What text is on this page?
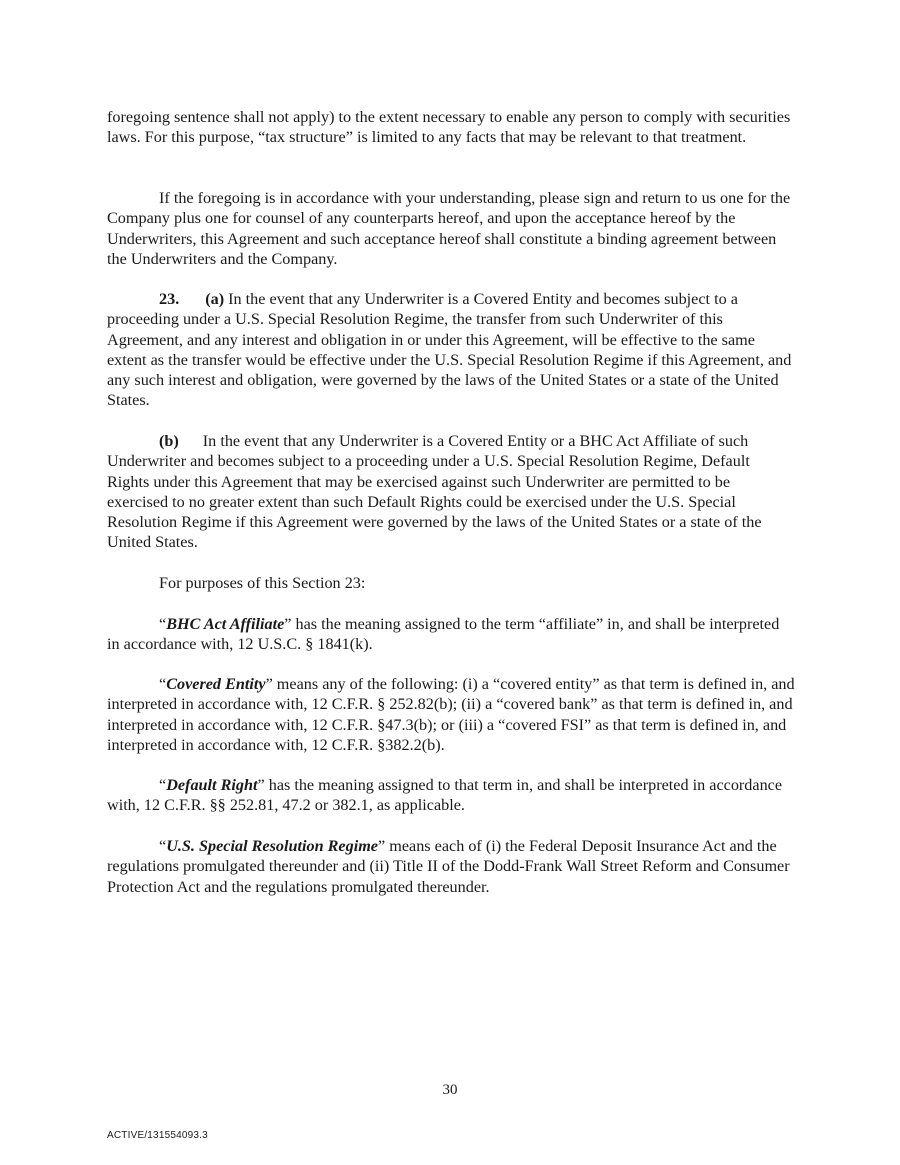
foregoing sentence shall not apply) to the extent necessary to enable any person to comply with securities laws. For this purpose, “tax structure” is limited to any facts that may be relevant to that treatment.

If the foregoing is in accordance with your understanding, please sign and return to us one for the Company plus one for counsel of any counterparts hereof, and upon the acceptance hereof by the Underwriters, this Agreement and such acceptance hereof shall constitute a binding agreement between the Underwriters and the Company.

23. (a) In the event that any Underwriter is a Covered Entity and becomes subject to a proceeding under a U.S. Special Resolution Regime, the transfer from such Underwriter of this Agreement, and any interest and obligation in or under this Agreement, will be effective to the same extent as the transfer would be effective under the U.S. Special Resolution Regime if this Agreement, and any such interest and obligation, were governed by the laws of the United States or a state of the United States.

(b) In the event that any Underwriter is a Covered Entity or a BHC Act Affiliate of such Underwriter and becomes subject to a proceeding under a U.S. Special Resolution Regime, Default Rights under this Agreement that may be exercised against such Underwriter are permitted to be exercised to no greater extent than such Default Rights could be exercised under the U.S. Special Resolution Regime if this Agreement were governed by the laws of the United States or a state of the United States.

For purposes of this Section 23:

“BHC Act Affiliate” has the meaning assigned to the term “affiliate” in, and shall be interpreted in accordance with, 12 U.S.C. § 1841(k).

“Covered Entity” means any of the following: (i) a “covered entity” as that term is defined in, and interpreted in accordance with, 12 C.F.R. § 252.82(b); (ii) a “covered bank” as that term is defined in, and interpreted in accordance with, 12 C.F.R. §47.3(b); or (iii) a “covered FSI” as that term is defined in, and interpreted in accordance with, 12 C.F.R. §382.2(b).

“Default Right” has the meaning assigned to that term in, and shall be interpreted in accordance with, 12 C.F.R. §§ 252.81, 47.2 or 382.1, as applicable.

“U.S. Special Resolution Regime” means each of (i) the Federal Deposit Insurance Act and the regulations promulgated thereunder and (ii) Title II of the Dodd-Frank Wall Street Reform and Consumer Protection Act and the regulations promulgated thereunder.

30
ACTIVE/131554093.3
